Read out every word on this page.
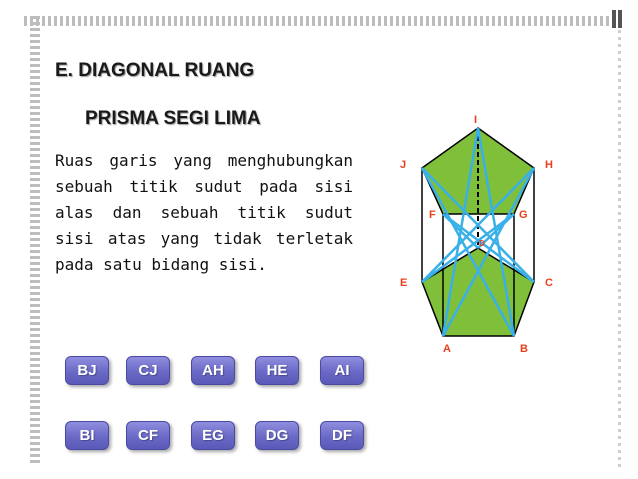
E. DIAGONAL RUANG
PRISMA SEGI LIMA

Ruas garis yang menghubungkan sebuah titik sudut pada sisi alas dan sebuah titik sudut sisi atas yang tidak terletak pada satu bidang sisi.

BJ	CJ	AH	HE	AI
BI	CF	EG	DG	DF
I
J	H
F	G
E	C
A	B
D
